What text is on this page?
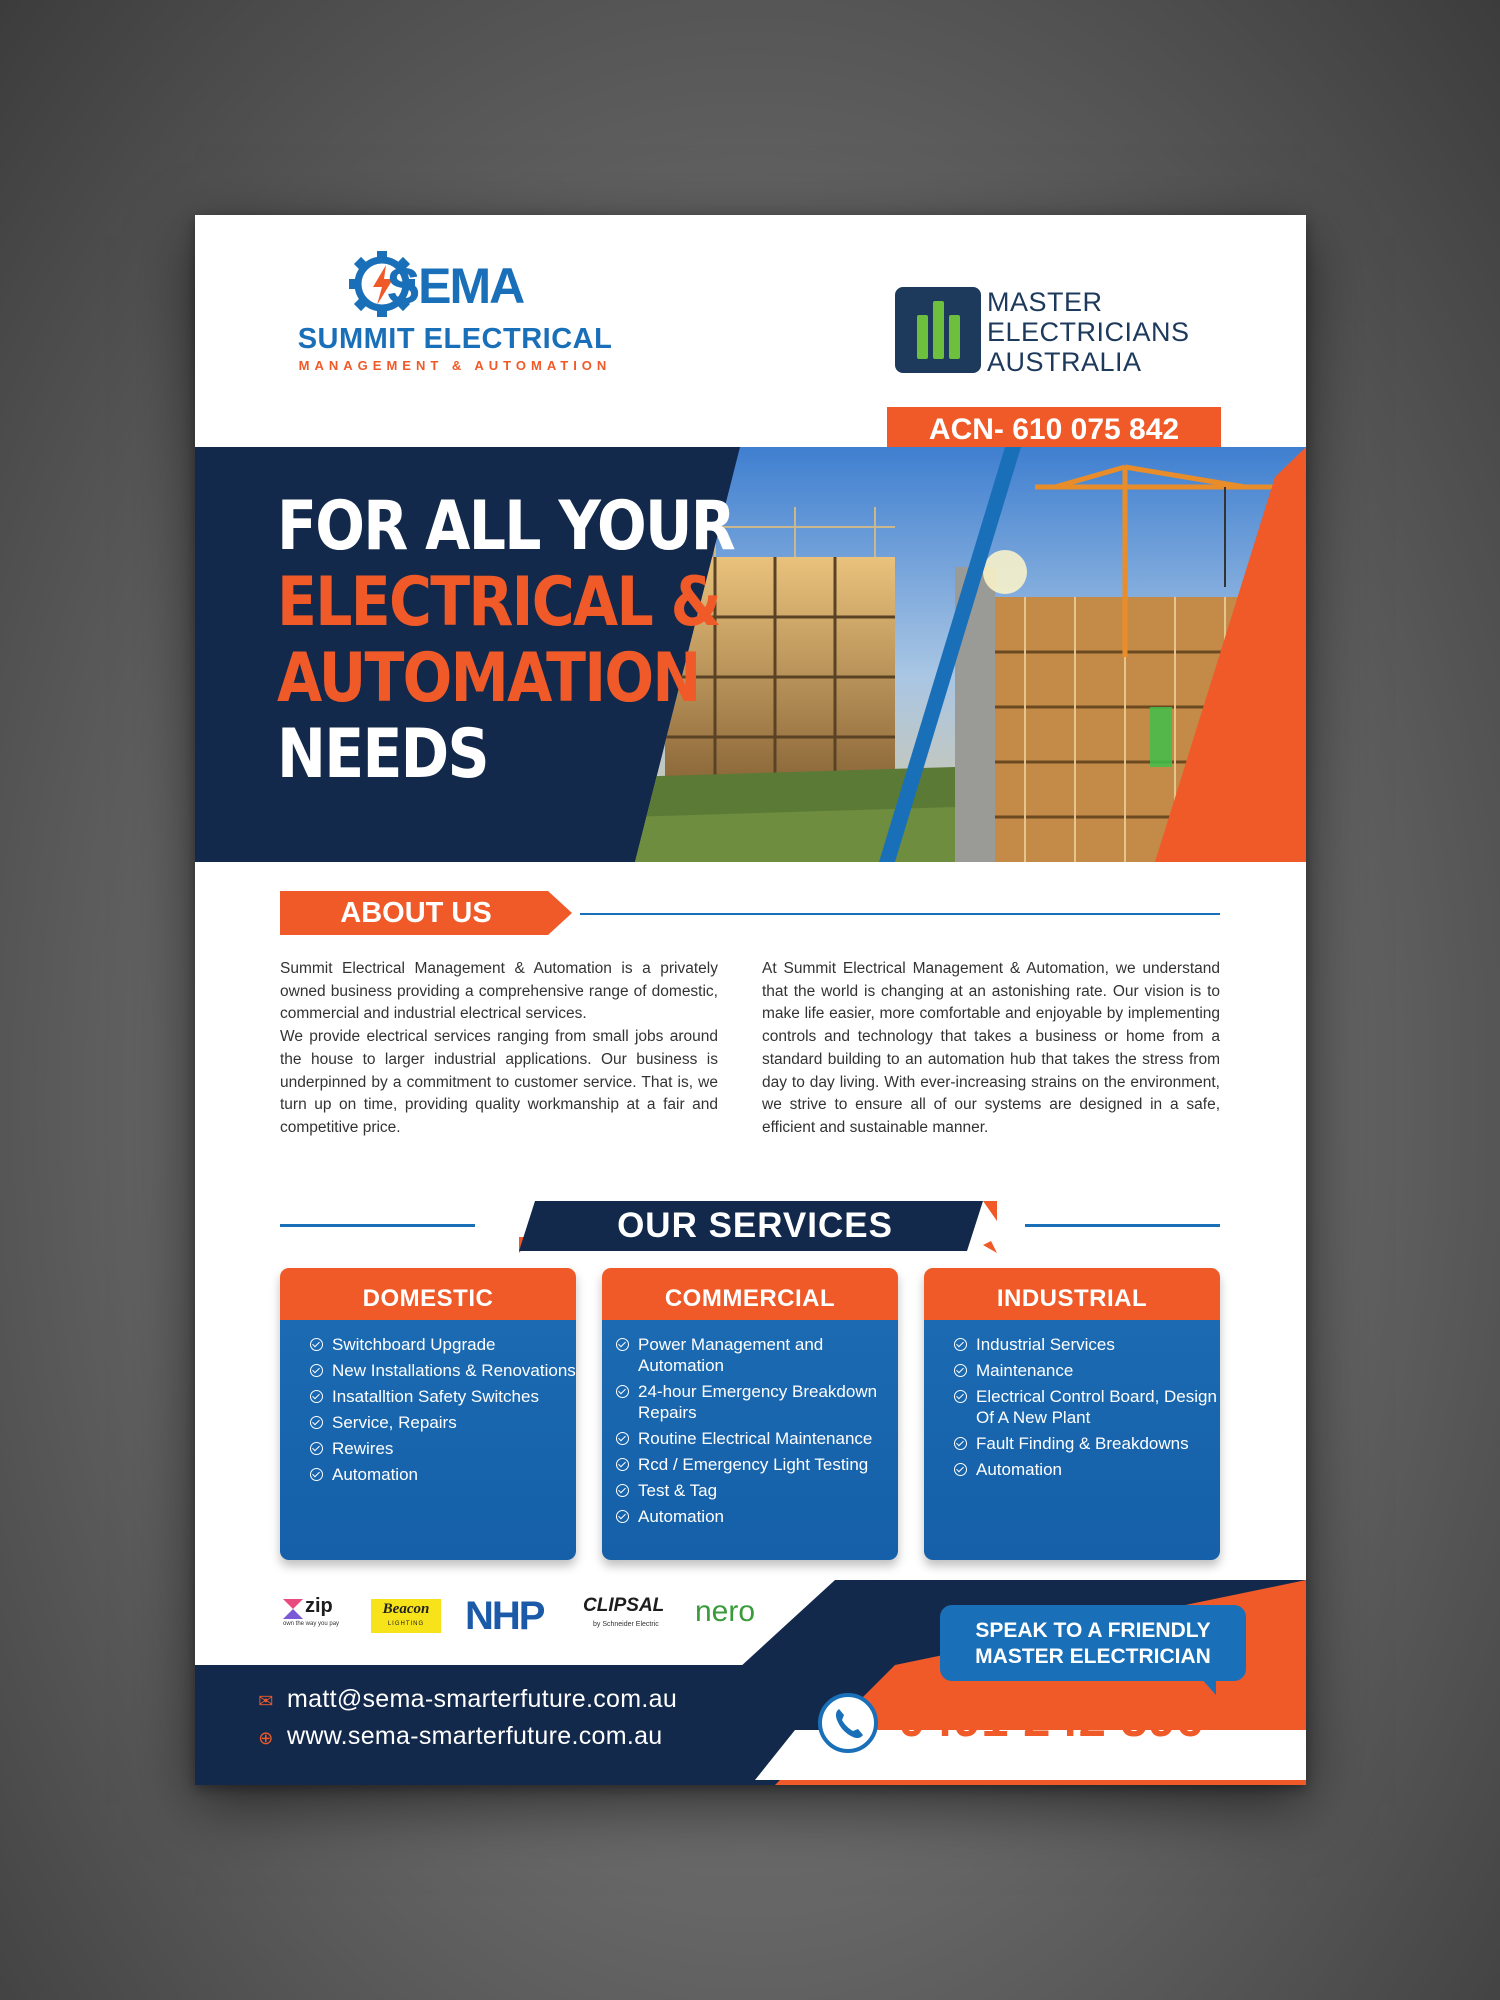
SEMA
SUMMIT ELECTRICAL
MANAGEMENT & AUTOMATION
MASTER
ELECTRICIANS
AUSTRALIA
ACN- 610 075 842
FOR ALL YOUR
ELECTRICAL &
AUTOMATION
NEEDS
ABOUT US

Summit Electrical Management & Automation is a privately owned business providing a comprehensive range of domestic, commercial and industrial electrical services.

We provide electrical services ranging from small jobs around the house to larger industrial applications. Our business is underpinned by a commitment to customer service. That is, we turn up on time, providing quality workmanship at a fair and competitive price.

At Summit Electrical Management & Automation, we understand that the world is changing at an astonishing rate. Our vision is to make life easier, more comfortable and enjoyable by implementing controls and technology that takes a business or home from a standard building to an automation hub that takes the stress from day to day living. With ever-increasing strains on the environment, we strive to ensure all of our systems are designed in a safe, efficient and sustainable manner.

OUR SERVICES
DOMESTIC
Switchboard Upgrade
New Installations & Renovations
Insatalltion Safety Switches
Service, Repairs
Rewires
Automation
COMMERCIAL
Power Management and Automation
24-hour Emergency Breakdown Repairs
Routine Electrical Maintenance
Rcd / Emergency Light Testing
Test & Tag
Automation
INDUSTRIAL
Industrial Services
Maintenance
Electrical Control Board, Design Of A New Plant
Fault Finding & Breakdowns
Automation
zip
own the way you pay
Beacon
LIGHTING	NHP CLIPSAL
by Schneider Electric nero
✉ matt@sema-smarterfuture.com.au
⊕ www.sema-smarterfuture.com.au
SPEAK TO A FRIENDLY
MASTER ELECTRICIAN
0491 242 596
